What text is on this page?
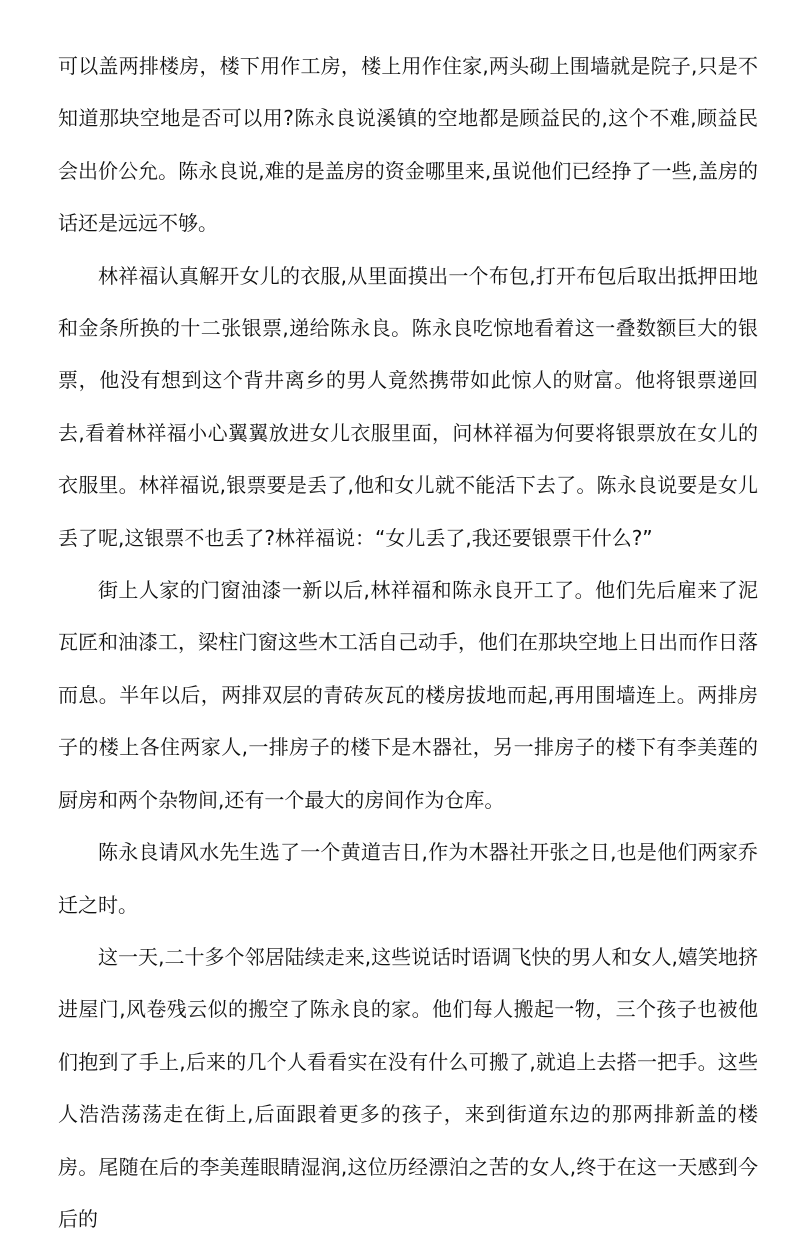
可以盖两排楼房，楼下用作工房，楼上用作住家,两头砌上围墙就是院子,只是不知道那块空地是否可以用?陈永良说溪镇的空地都是顾益民的,这个不难,顾益民会出价公允。陈永良说,难的是盖房的资金哪里来,虽说他们已经挣了一些,盖房的话还是远远不够。

林祥福认真解开女儿的衣服,从里面摸出一个布包,打开布包后取出抵押田地和金条所换的十二张银票,递给陈永良。陈永良吃惊地看着这一叠数额巨大的银票，他没有想到这个背井离乡的男人竟然携带如此惊人的财富。他将银票递回去,看着林祥福小心翼翼放进女儿衣服里面，问林祥福为何要将银票放在女儿的衣服里。林祥福说,银票要是丢了,他和女儿就不能活下去了。陈永良说要是女儿丢了呢,这银票不也丢了?林祥福说：“女儿丢了,我还要银票干什么?”

街上人家的门窗油漆一新以后,林祥福和陈永良开工了。他们先后雇来了泥瓦匠和油漆工，梁柱门窗这些木工活自己动手，他们在那块空地上日出而作日落而息。半年以后，两排双层的青砖灰瓦的楼房拔地而起,再用围墙连上。两排房子的楼上各住两家人,一排房子的楼下是木器社，另一排房子的楼下有李美莲的厨房和两个杂物间,还有一个最大的房间作为仓库。

陈永良请风水先生选了一个黄道吉日,作为木器社开张之日,也是他们两家乔迁之时。

这一天,二十多个邻居陆续走来,这些说话时语调飞快的男人和女人,嬉笑地挤进屋门,风卷残云似的搬空了陈永良的家。他们每人搬起一物，三个孩子也被他们抱到了手上,后来的几个人看看实在没有什么可搬了,就追上去搭一把手。这些人浩浩荡荡走在街上,后面跟着更多的孩子，来到街道东边的那两排新盖的楼房。尾随在后的李美莲眼睛湿润,这位历经漂泊之苦的女人,终于在这一天感到今后的
